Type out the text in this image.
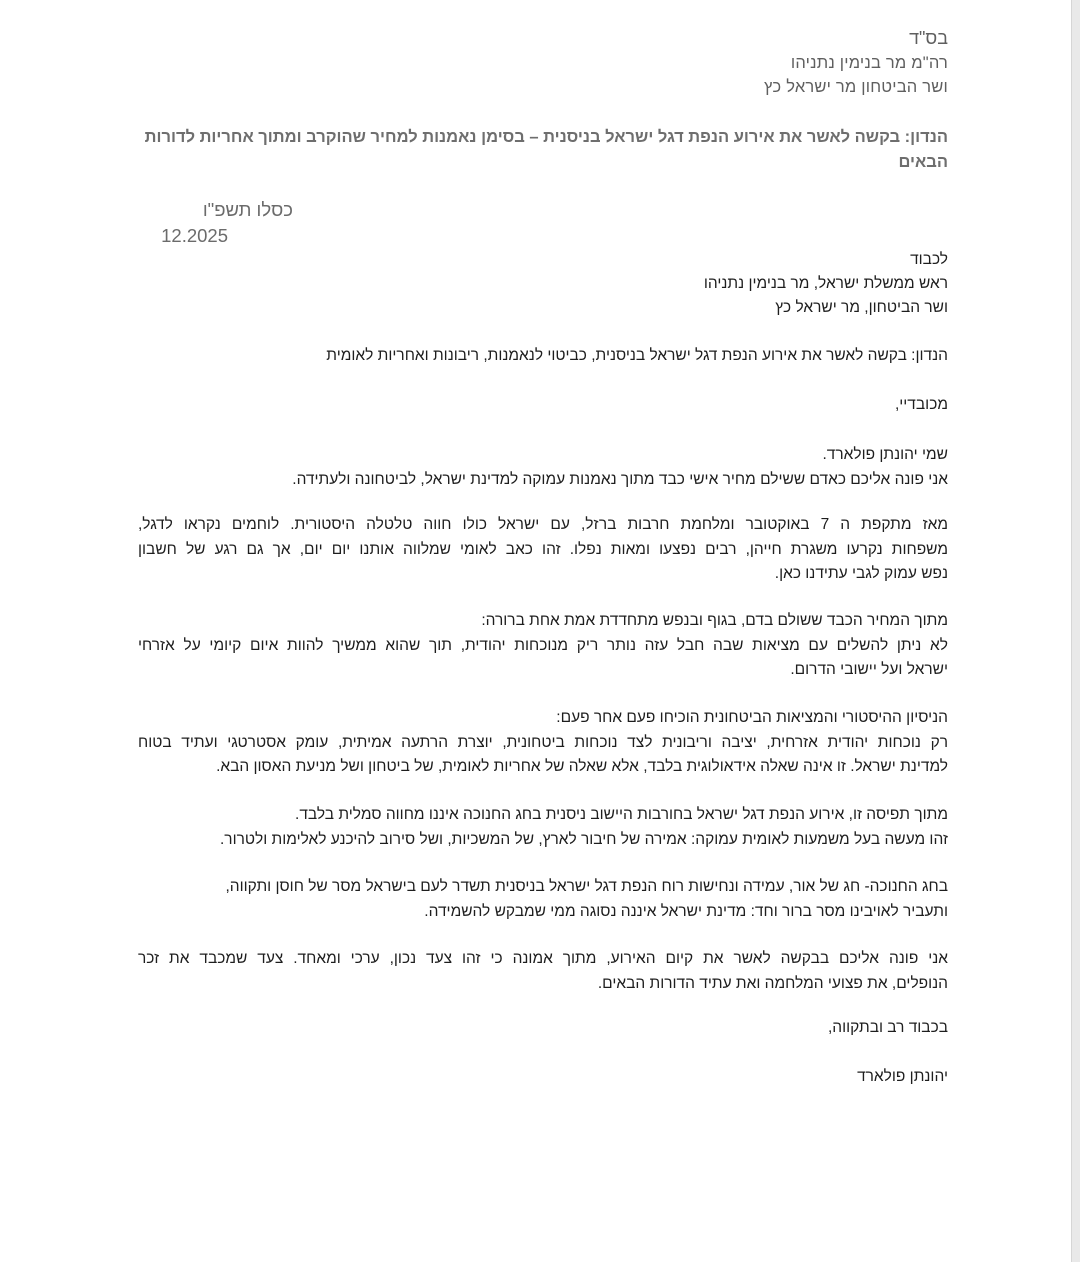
בס"ד
רה"מ מר בנימין נתניהו
ושר הביטחון מר ישראל כץ
הנדון: בקשה לאשר את אירוע הנפת דגל ישראל בניסנית – בסימן נאמנות למחיר שהוקרב ומתוך אחריות לדורות הבאים
כסלו תשפ"ו
12.2025
לכבוד
ראש ממשלת ישראל, מר בנימין נתניהו
ושר הביטחון, מר ישראל כץ
הנדון: בקשה לאשר את אירוע הנפת דגל ישראל בניסנית, כביטוי לנאמנות, ריבונות ואחריות לאומית
מכובדיי,
שמי יהונתן פולארד.
אני פונה אליכם כאדם ששילם מחיר אישי כבד מתוך נאמנות עמוקה למדינת ישראל, לביטחונה ולעתידה.
מאז מתקפת ה 7 באוקטובר ומלחמת חרבות ברזל, עם ישראל כולו חווה טלטלה היסטורית. לוחמים נקראו לדגל,
משפחות נקרעו משגרת חייהן, רבים נפצעו ומאות נפלו. זהו כאב לאומי שמלווה אותנו יום יום, אך גם רגע של חשבון
נפש עמוק לגבי עתידנו כאן.
מתוך המחיר הכבד ששולם בדם, בגוף ובנפש מתחדדת אמת אחת ברורה:
לא ניתן להשלים עם מציאות שבה חבל עזה נותר ריק מנוכחות יהודית, תוך שהוא ממשיך להוות איום קיומי על אזרחי
ישראל ועל יישובי הדרום.
הניסיון ההיסטורי והמציאות הביטחונית הוכיחו פעם אחר פעם:
רק נוכחות יהודית אזרחית, יציבה וריבונית לצד נוכחות ביטחונית, יוצרת הרתעה אמיתית, עומק אסטרטגי ועתיד בטוח
למדינת ישראל. זו אינה שאלה אידאולוגית בלבד, אלא שאלה של אחריות לאומית, של ביטחון ושל מניעת האסון הבא.
מתוך תפיסה זו, אירוע הנפת דגל ישראל בחורבות היישוב ניסנית בחג החנוכה איננו מחווה סמלית בלבד.
זהו מעשה בעל משמעות לאומית עמוקה: אמירה של חיבור לארץ, של המשכיות, ושל סירוב להיכנע לאלימות ולטרור.
בחג החנוכה- חג של אור, עמידה ונחישות רוח הנפת דגל ישראל בניסנית תשדר לעם בישראל מסר של חוסן ותקווה,
ותעביר לאויבינו מסר ברור וחד: מדינת ישראל איננה נסוגה ממי שמבקש להשמידה.
אני פונה אליכם בבקשה לאשר את קיום האירוע, מתוך אמונה כי זהו צעד נכון, ערכי ומאחד. צעד שמכבד את זכר
הנופלים, את פצועי המלחמה ואת עתיד הדורות הבאים.
בכבוד רב ובתקווה,
יהונתן פולארד
